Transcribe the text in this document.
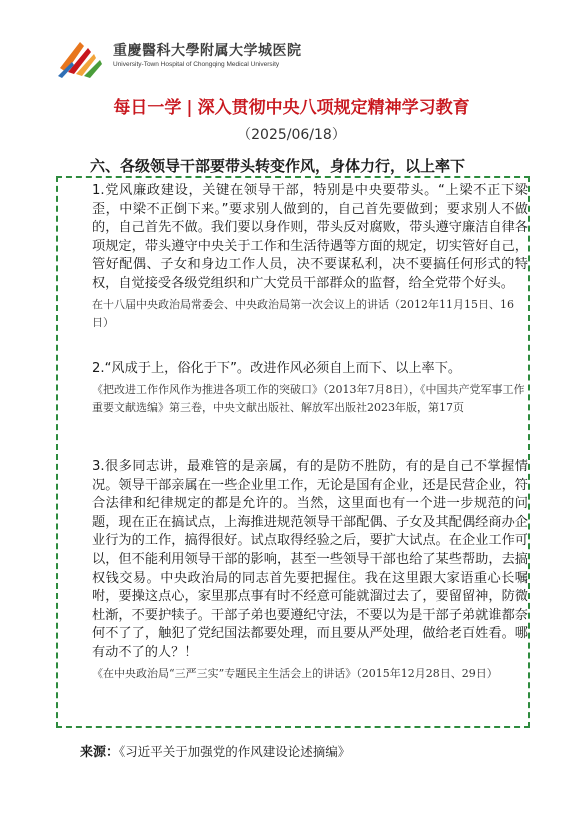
重慶醫科大學附属大学城医院
University-Town Hospital of Chongqing Medical University
每日一学 | 深入贯彻中央八项规定精神学习教育
（2025/06/18）
六、各级领导干部要带头转变作风，身体力行，以上率下

1.党风廉政建设，关键在领导干部，特别是中央要带头。“上梁不正下梁歪，中梁不正倒下来。”要求别人做到的，自己首先要做到；要求别人不做的，自己首先不做。我们要以身作则，带头反对腐败，带头遵守廉洁自律各项规定，带头遵守中央关于工作和生活待遇等方面的规定，切实管好自己，管好配偶、子女和身边工作人员，决不要谋私利，决不要搞任何形式的特权，自觉接受各级党组织和广大党员干部群众的监督，给全党带个好头。

在十八届中央政治局常委会、中央政治局第一次会议上的讲话（2012年11月15日、16日）

2.“风成于上，俗化于下”。改进作风必须自上而下、以上率下。

《把改进工作作风作为推进各项工作的突破口》（2013年7月8日），《中国共产党军事工作重要文献选编》第三卷，中央文献出版社、解放军出版社2023年版，第17页

3.很多同志讲，最难管的是亲属，有的是防不胜防，有的是自己不掌握情况。领导干部亲属在一些企业里工作，无论是国有企业，还是民营企业，符合法律和纪律规定的都是允许的。当然，这里面也有一个进一步规范的问题，现在正在搞试点，上海推进规范领导干部配偶、子女及其配偶经商办企业行为的工作，搞得很好。试点取得经验之后，要扩大试点。在企业工作可以，但不能利用领导干部的影响，甚至一些领导干部也给了某些帮助，去搞权钱交易。中央政治局的同志首先要把握住。我在这里跟大家语重心长嘱咐，要操这点心，家里那点事有时不经意可能就溜过去了，要留留神，防微杜渐，不要护犊子。干部子弟也要遵纪守法，不要以为是干部子弟就谁都奈何不了了，触犯了党纪国法都要处理，而且要从严处理，做给老百姓看。哪有动不了的人？！

《在中央政治局“三严三实”专题民主生活会上的讲话》（2015年12月28日、29日）

来源：《习近平关于加强党的作风建设论述摘编》
